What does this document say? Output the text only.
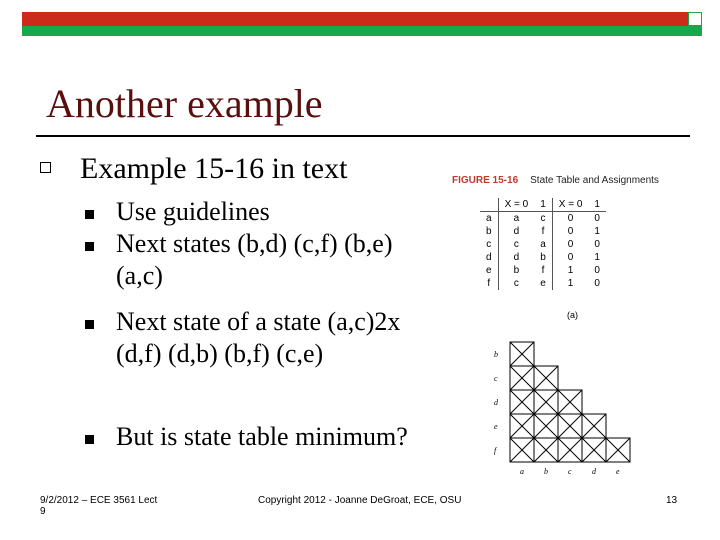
Another example
Example 15-16 in text
Use guidelines
Next states (b,d) (c,f) (b,e)
(a,c)
Next state of a state (a,c)2x
(d,f) (d,b) (b,f) (c,e)
But is state table minimum?
FIGURE 15-16 State Table and Assignments
	X = 0	1	X = 0	1
a	a	c	0	0
b	d	f	0	1
c	c	a	0	0
d	d	b	0	1
e	b	f	1	0
f	c	e	1	0
(a)
b
c
d
e
f
a	b	c	d	e
9/2/2012 – ECE 3561 Lect
9
Copyright 2012 - Joanne DeGroat, ECE, OSU	13
